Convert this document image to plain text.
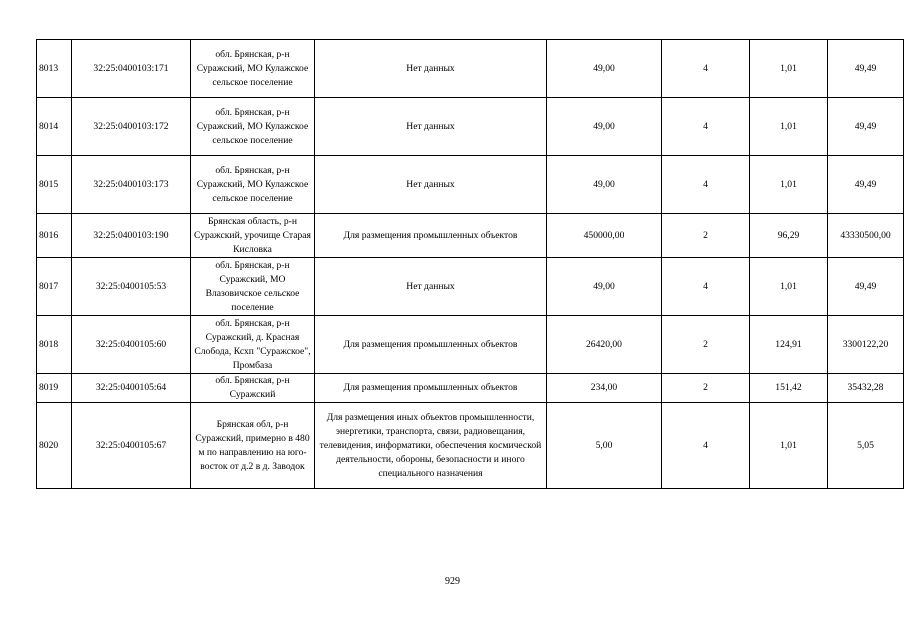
8013	32:25:0400103:171	обл. Брянская, р-н Суражский, МО Кулажское сельское поселение	Нет данных	49,00	4	1,01	49,49
8014	32:25:0400103:172	обл. Брянская, р-н Суражский, МО Кулажское сельское поселение	Нет данных	49,00	4	1,01	49,49
8015	32:25:0400103:173	обл. Брянская, р-н Суражский, МО Кулажское сельское поселение	Нет данных	49,00	4	1,01	49,49
8016	32:25:0400103:190	Брянская область, р-н Суражский, урочище Старая Кисловка	Для размещения промышленных объектов	450000,00	2	96,29	43330500,00
8017	32:25:0400105:53	обл. Брянская, р-н Суражский, МО Влазовичское сельское поселение	Нет данных	49,00	4	1,01	49,49
8018	32:25:0400105:60	обл. Брянская, р-н Суражский, д. Красная Слобода, Ксхп "Суражское", Промбаза	Для размещения промышленных объектов	26420,00	2	124,91	3300122,20
8019	32:25:0400105:64	обл. Брянская, р-н Суражский	Для размещения промышленных объектов	234,00	2	151,42	35432,28
8020	32:25:0400105:67	Брянская обл, р-н Суражский, примерно в 480 м по направлению на юго-восток от д.2 в д. Заводок	Для размещения иных объектов промышленности, энергетики, транспорта, связи, радиовещания, телевидения, информатики, обеспечения космической деятельности, обороны, безопасности и иного специального назначения	5,00	4	1,01	5,05
929
